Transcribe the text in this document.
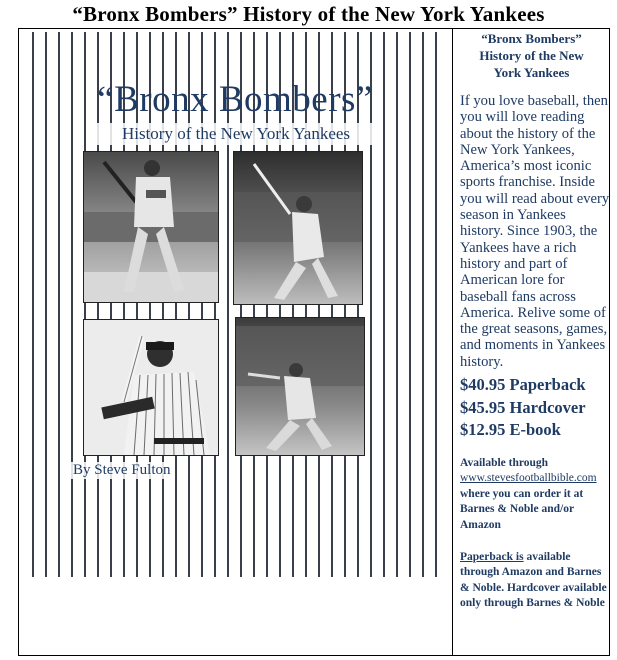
“Bronx Bombers” History of the New York Yankees
“Bronx Bombers”
History of the New York Yankees
By Steve Fulton
“Bronx Bombers”
History of the New
York Yankees
If you love baseball, then you will love reading about the history of the New York Yankees, America’s most iconic sports franchise. Inside you will read about every season in Yankees history. Since 1903, the Yankees have a rich history and part of American lore for baseball fans across America. Relive some of the great seasons, games, and moments in Yankees history.
$40.95 Paperback
$45.95 Hardcover
$12.95 E-book
Available through
www.stevesfootballbible.com
where you can order it at Barnes & Noble and/or Amazon
Paperback is available through Amazon and Barnes & Noble. Hardcover available only through Barnes & Noble
